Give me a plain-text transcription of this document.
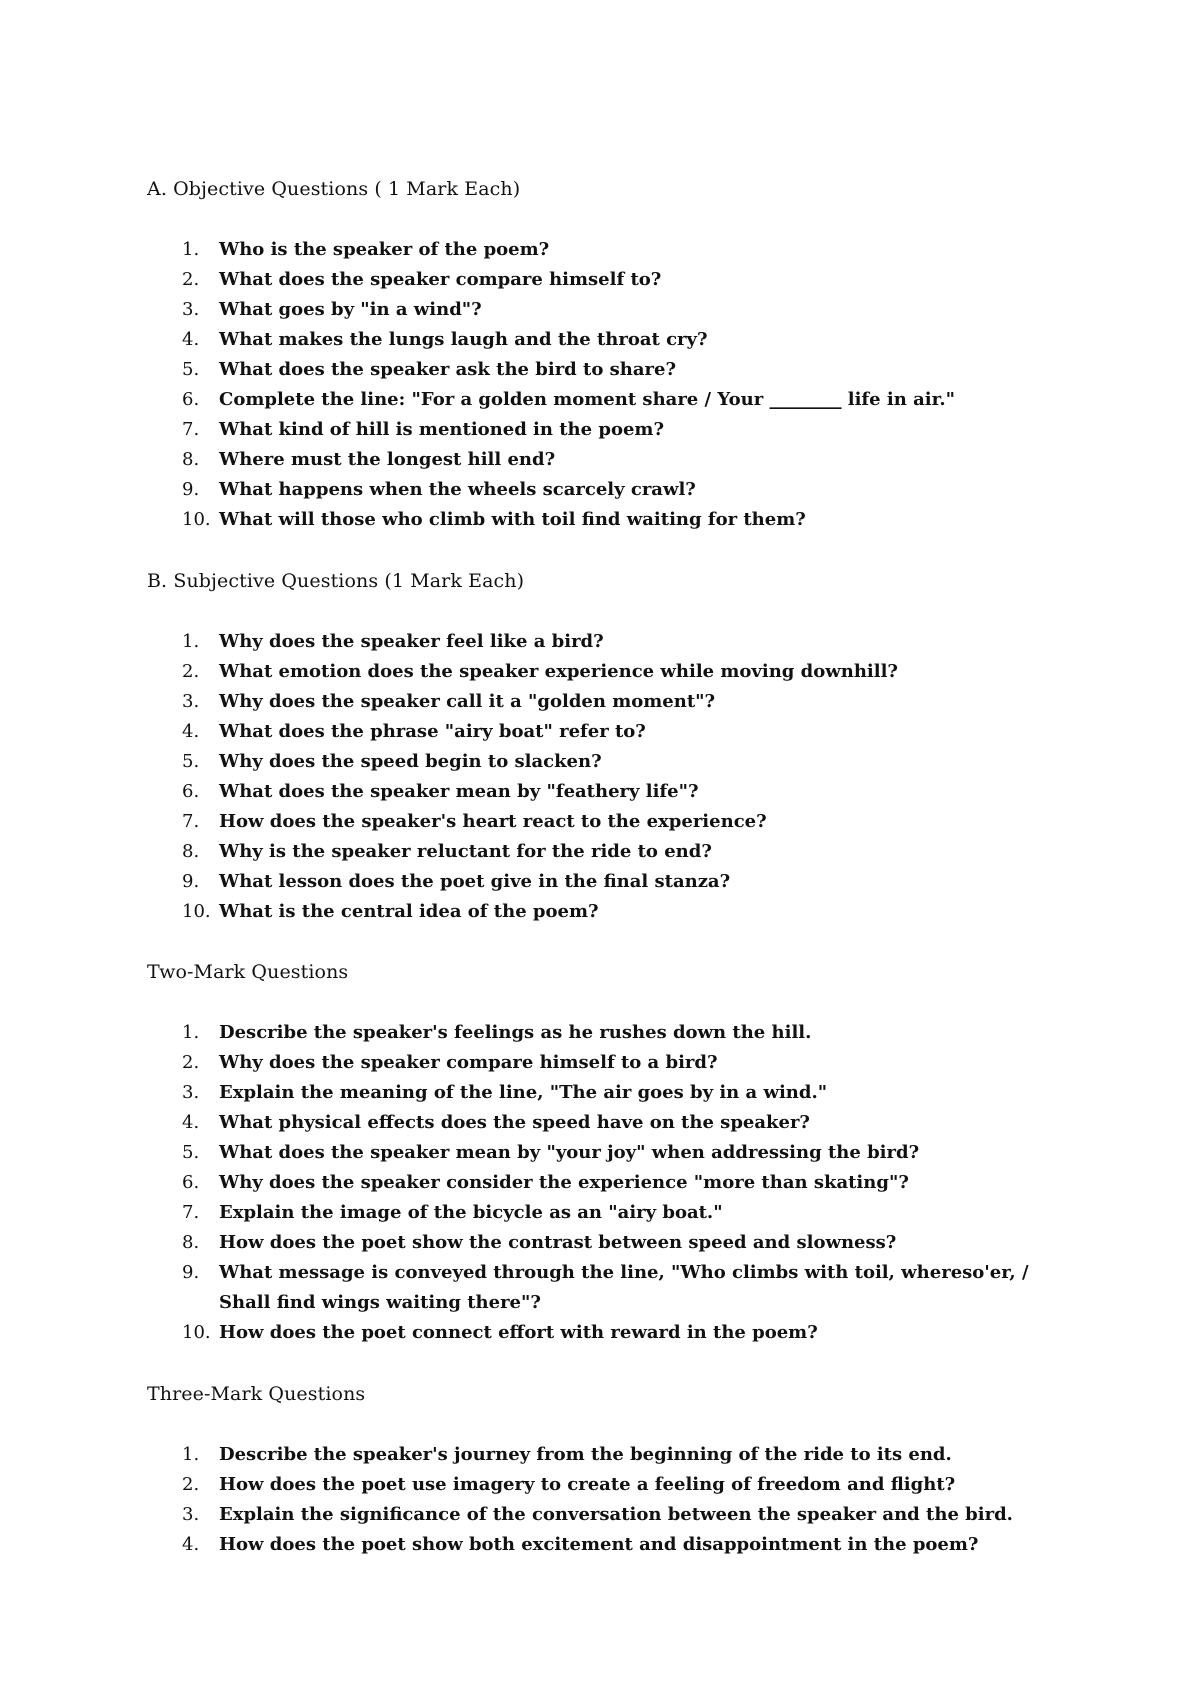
A. Objective Questions ( 1 Mark Each)
1.	Who is the speaker of the poem?
2.	What does the speaker compare himself to?
3.	What goes by "in a wind"?
4.	What makes the lungs laugh and the throat cry?
5.	What does the speaker ask the bird to share?
6.	Complete the line: "For a golden moment share / Your ________ life in air."
7.	What kind of hill is mentioned in the poem?
8.	Where must the longest hill end?
9.	What happens when the wheels scarcely crawl?
10. What will those who climb with toil find waiting for them?
B. Subjective Questions (1 Mark Each)
1.	Why does the speaker feel like a bird?
2.	What emotion does the speaker experience while moving downhill?
3.	Why does the speaker call it a "golden moment"?
4.	What does the phrase "airy boat" refer to?
5.	Why does the speed begin to slacken?
6.	What does the speaker mean by "feathery life"?
7.	How does the speaker's heart react to the experience?
8.	Why is the speaker reluctant for the ride to end?
9.	What lesson does the poet give in the final stanza?
10. What is the central idea of the poem?
Two-Mark Questions
1.	Describe the speaker's feelings as he rushes down the hill.
2.	Why does the speaker compare himself to a bird?
3.	Explain the meaning of the line, "The air goes by in a wind."
4.	What physical effects does the speed have on the speaker?
5.	What does the speaker mean by "your joy" when addressing the bird?
6.	Why does the speaker consider the experience "more than skating"?
7.	Explain the image of the bicycle as an "airy boat."
8.	How does the poet show the contrast between speed and slowness?
9.	What message is conveyed through the line, "Who climbs with toil, whereso'er, / Shall find wings waiting there"?
10. How does the poet connect effort with reward in the poem?
Three-Mark Questions
1.	Describe the speaker's journey from the beginning of the ride to its end.
2.	How does the poet use imagery to create a feeling of freedom and flight?
3.	Explain the significance of the conversation between the speaker and the bird.
4.	How does the poet show both excitement and disappointment in the poem?
